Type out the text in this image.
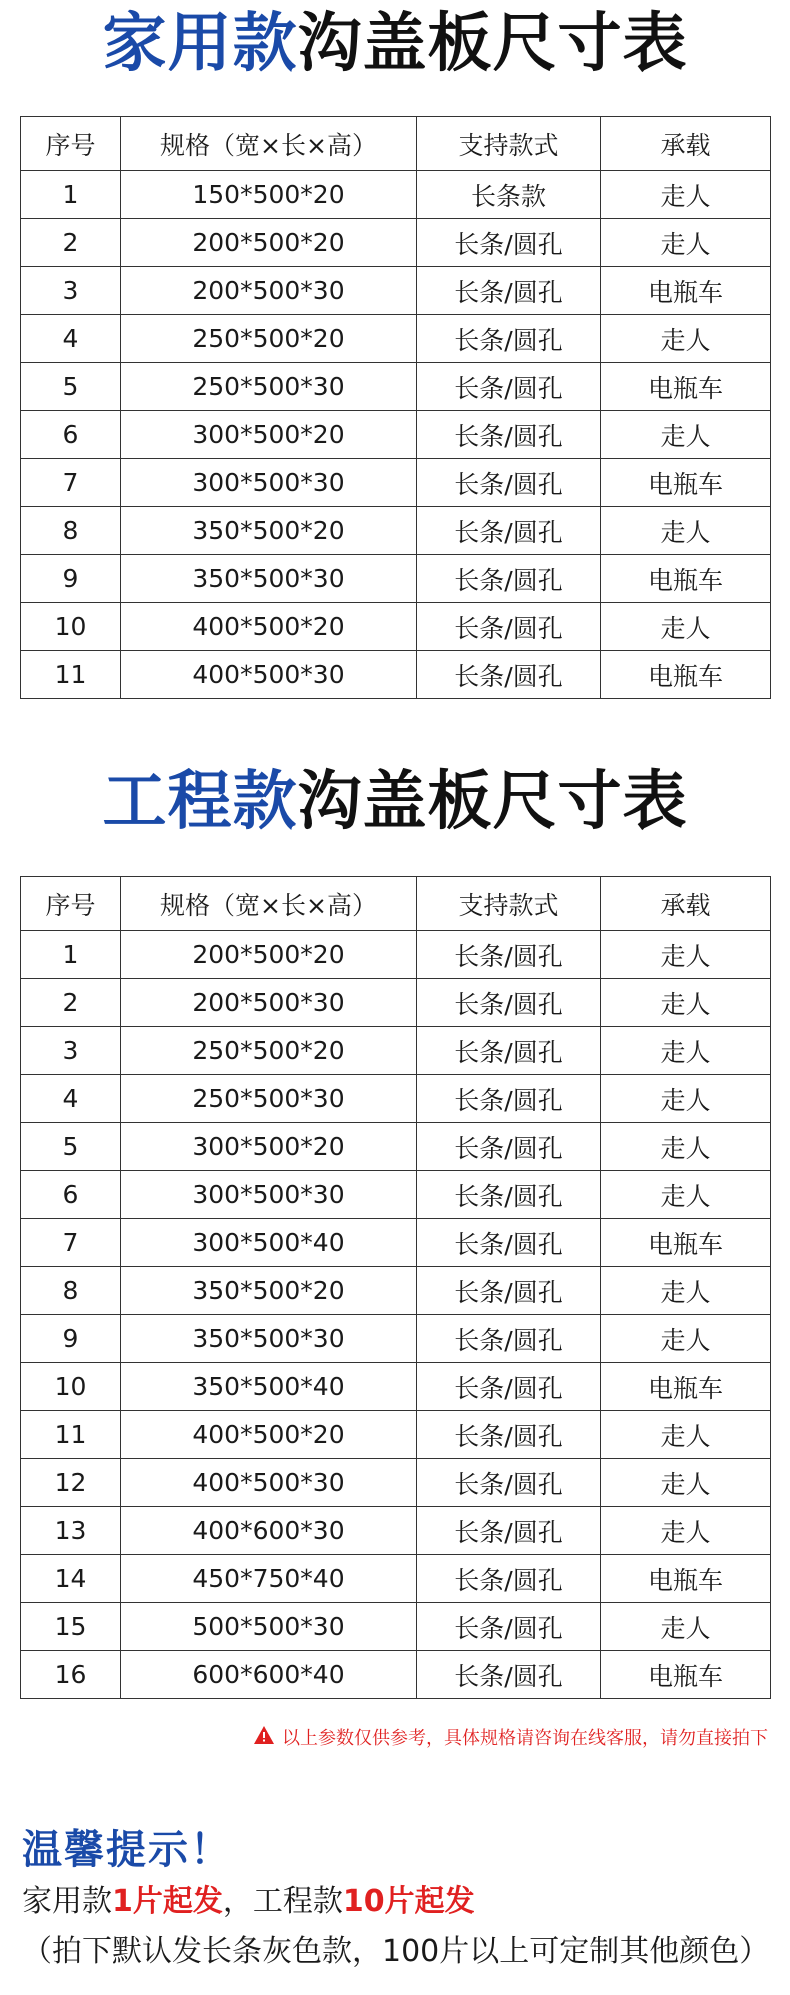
家用款沟盖板尺寸表
序号	规格（宽×长×高）	支持款式	承载
1	150*500*20	长条款	走人
2	200*500*20	长条/圆孔	走人
3	200*500*30	长条/圆孔	电瓶车
4	250*500*20	长条/圆孔	走人
5	250*500*30	长条/圆孔	电瓶车
6	300*500*20	长条/圆孔	走人
7	300*500*30	长条/圆孔	电瓶车
8	350*500*20	长条/圆孔	走人
9	350*500*30	长条/圆孔	电瓶车
10	400*500*20	长条/圆孔	走人
11	400*500*30	长条/圆孔	电瓶车
工程款沟盖板尺寸表
序号	规格（宽×长×高）	支持款式	承载
1	200*500*20	长条/圆孔	走人
2	200*500*30	长条/圆孔	走人
3	250*500*20	长条/圆孔	走人
4	250*500*30	长条/圆孔	走人
5	300*500*20	长条/圆孔	走人
6	300*500*30	长条/圆孔	走人
7	300*500*40	长条/圆孔	电瓶车
8	350*500*20	长条/圆孔	走人
9	350*500*30	长条/圆孔	走人
10	350*500*40	长条/圆孔	电瓶车
11	400*500*20	长条/圆孔	走人
12	400*500*30	长条/圆孔	走人
13	400*600*30	长条/圆孔	走人
14	450*750*40	长条/圆孔	电瓶车
15	500*500*30	长条/圆孔	走人
16	600*600*40	长条/圆孔	电瓶车
以上参数仅供参考，具体规格请咨询在线客服，请勿直接拍下
温馨提示！
家用款1片起发，工程款10片起发
（拍下默认发长条灰色款，100片以上可定制其他颜色）
